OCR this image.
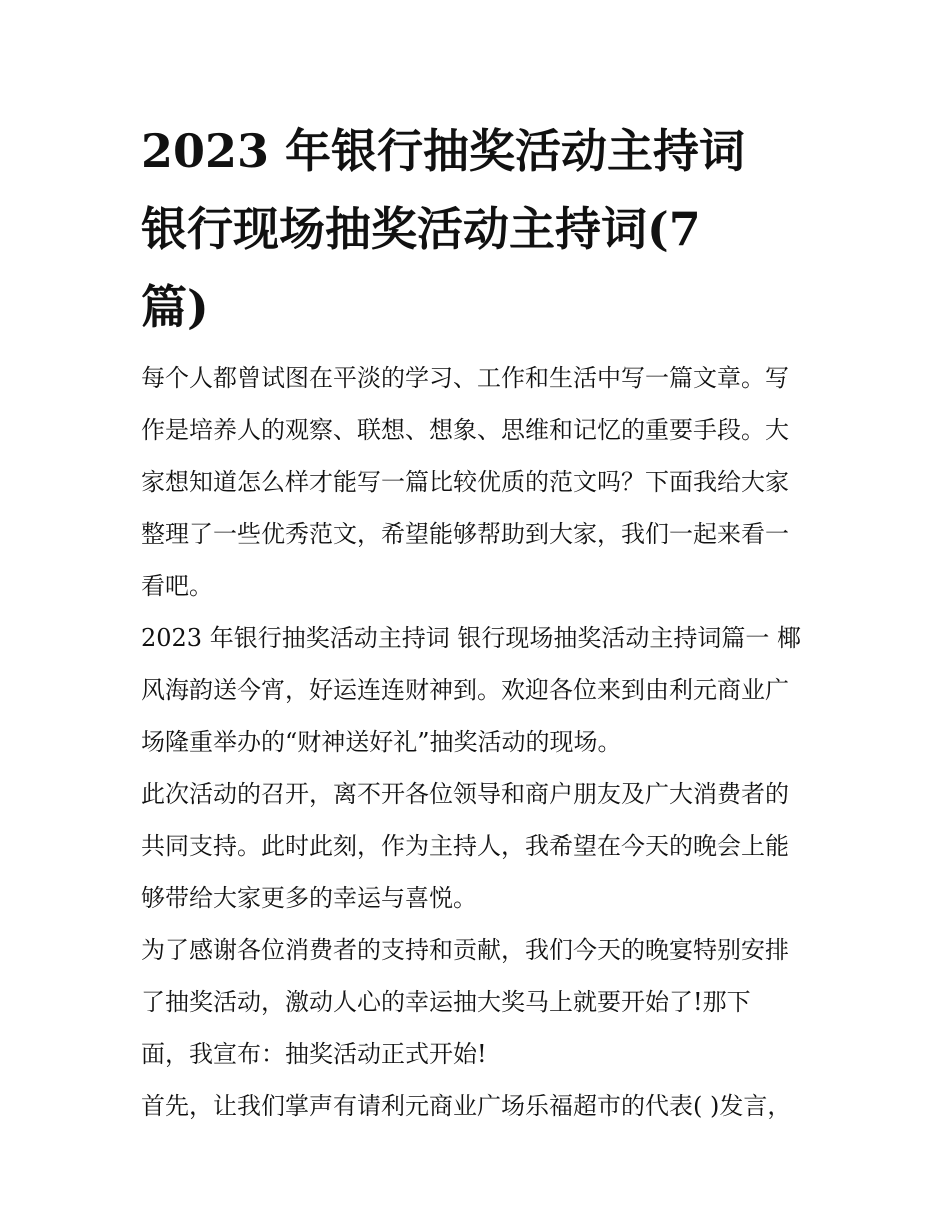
2023 年银行抽奖活动主持词
银行现场抽奖活动主持词(7
篇)

每个人都曾试图在平淡的学习、工作和生活中写一篇文章。写
作是培养人的观察、联想、想象、思维和记忆的重要手段。大
家想知道怎么样才能写一篇比较优质的范文吗？下面我给大家
整理了一些优秀范文，希望能够帮助到大家，我们一起来看一
看吧。

2023 年银行抽奖活动主持词 银行现场抽奖活动主持词篇一 椰
风海韵送今宵，好运连连财神到。欢迎各位来到由利元商业广
场隆重举办的“财神送好礼”抽奖活动的现场。

此次活动的召开，离不开各位领导和商户朋友及广大消费者的
共同支持。此时此刻，作为主持人，我希望在今天的晚会上能
够带给大家更多的幸运与喜悦。

为了感谢各位消费者的支持和贡献，我们今天的晚宴特别安排
了抽奖活动，激动人心的幸运抽大奖马上就要开始了!那下
面，我宣布：抽奖活动正式开始!

首先，让我们掌声有请利元商业广场乐福超市的代表( )发言，
